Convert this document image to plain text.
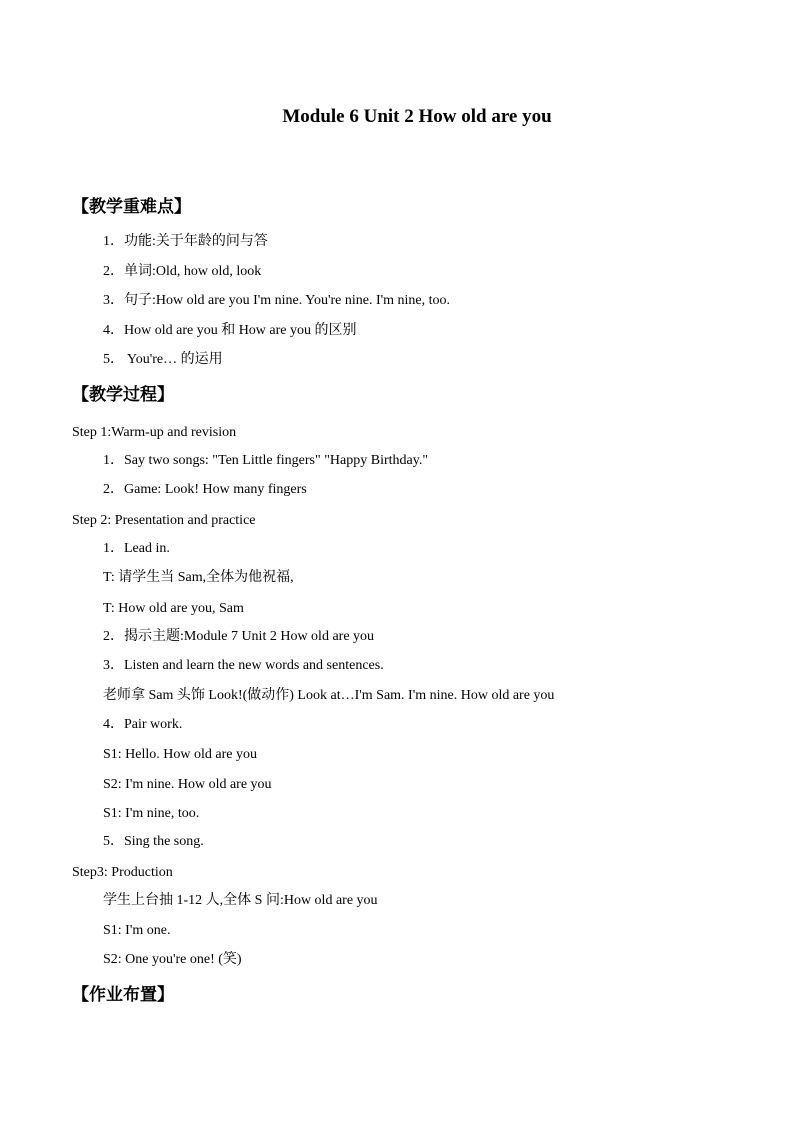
Module 6 Unit 2 How old are you
【教学重难点】
1．功能:关于年龄的问与答
2．单词:Old, how old, look
3．句子:How old are you I'm nine. You're nine. I'm nine, too.
4．How old are you 和 How are you 的区别
5． You're… 的运用
【教学过程】
Step 1:Warm-up and revision
1．Say two songs: "Ten Little fingers" "Happy Birthday."
2．Game: Look! How many fingers
Step 2: Presentation and practice
1．Lead in.
T: 请学生当 Sam,全体为他祝福,
T: How old are you, Sam
2．揭示主题:Module 7 Unit 2 How old are you
3．Listen and learn the new words and sentences.
老师拿 Sam 头饰 Look!(做动作) Look at…I'm Sam. I'm nine. How old are you
4．Pair work.
S1: Hello. How old are you
S2: I'm nine. How old are you
S1: I'm nine, too.
5．Sing the song.
Step3: Production
学生上台抽 1-12 人,全体 S 问:How old are you
S1: I'm one.
S2: One you're one! (笑)
【作业布置】
